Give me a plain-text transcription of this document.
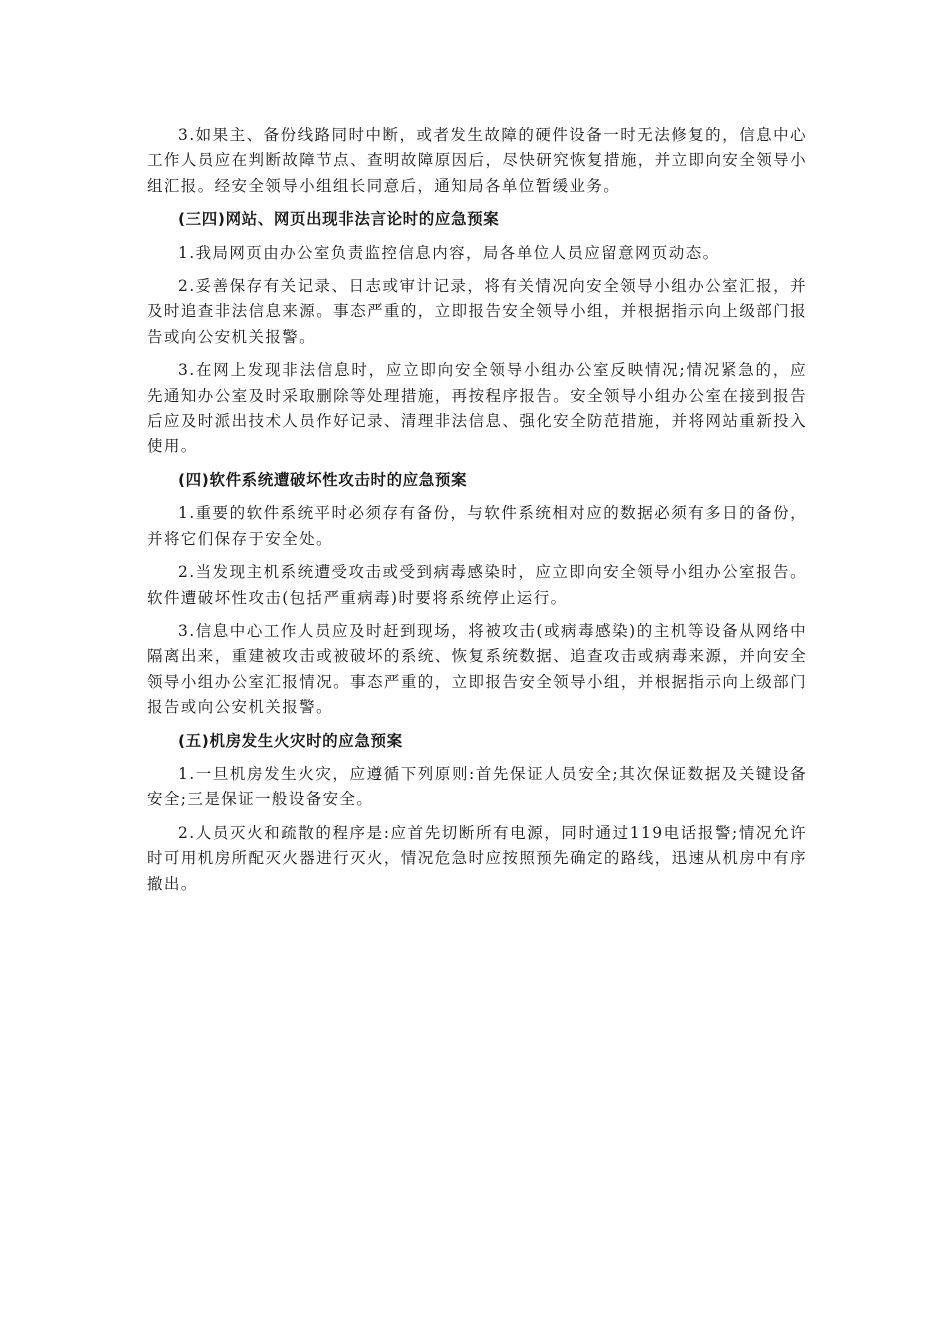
3.如果主、备份线路同时中断，或者发生故障的硬件设备一时无法修复的，信息中心工作人员应在判断故障节点、查明故障原因后，尽快研究恢复措施，并立即向安全领导小组汇报。经安全领导小组组长同意后，通知局各单位暂缓业务。

(三四)网站、网页出现非法言论时的应急预案

1.我局网页由办公室负责监控信息内容，局各单位人员应留意网页动态。

2.妥善保存有关记录、日志或审计记录，将有关情况向安全领导小组办公室汇报，并及时追查非法信息来源。事态严重的，立即报告安全领导小组，并根据指示向上级部门报告或向公安机关报警。

3.在网上发现非法信息时，应立即向安全领导小组办公室反映情况;情况紧急的，应先通知办公室及时采取删除等处理措施，再按程序报告。安全领导小组办公室在接到报告后应及时派出技术人员作好记录、清理非法信息、强化安全防范措施，并将网站重新投入使用。

(四)软件系统遭破坏性攻击时的应急预案

1.重要的软件系统平时必须存有备份，与软件系统相对应的数据必须有多日的备份，并将它们保存于安全处。

2.当发现主机系统遭受攻击或受到病毒感染时，应立即向安全领导小组办公室报告。软件遭破坏性攻击(包括严重病毒)时要将系统停止运行。

3.信息中心工作人员应及时赶到现场，将被攻击(或病毒感染)的主机等设备从网络中隔离出来，重建被攻击或被破坏的系统、恢复系统数据、追查攻击或病毒来源，并向安全领导小组办公室汇报情况。事态严重的，立即报告安全领导小组，并根据指示向上级部门报告或向公安机关报警。

(五)机房发生火灾时的应急预案

1.一旦机房发生火灾，应遵循下列原则:首先保证人员安全;其次保证数据及关键设备安全;三是保证一般设备安全。

2.人员灭火和疏散的程序是:应首先切断所有电源，同时通过119电话报警;情况允许时可用机房所配灭火器进行灭火，情况危急时应按照预先确定的路线，迅速从机房中有序撤出。
